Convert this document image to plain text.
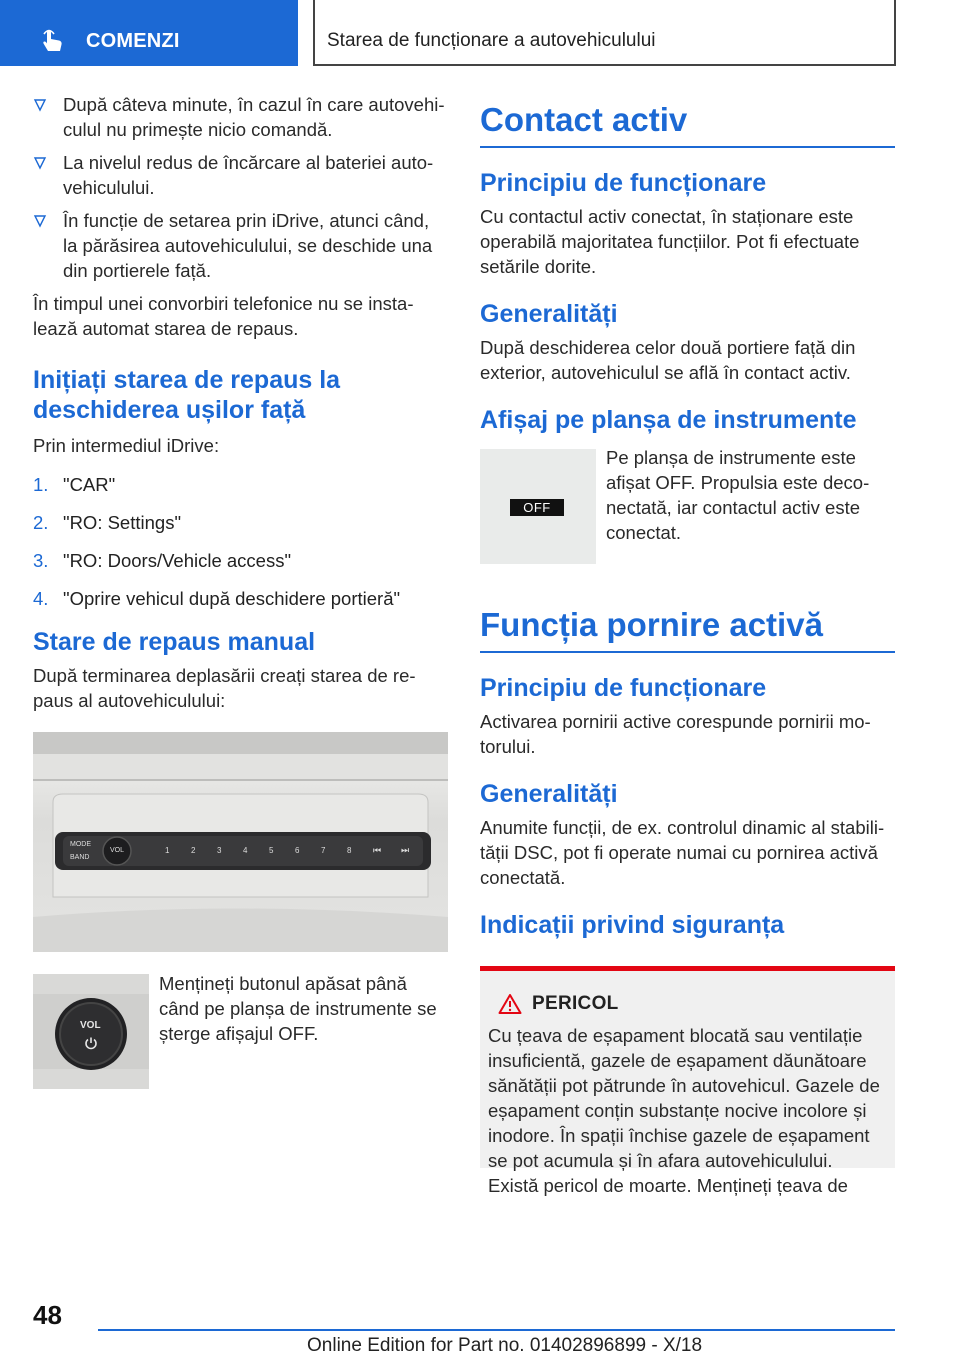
COMENZI	Starea de funcționare a autovehiculului
După câteva minute, în cazul în care autovehi-culul nu primește nicio comandă.
La nivelul redus de încărcare al bateriei auto-vehiculului.
În funcție de setarea prin iDrive, atunci când, la părăsirea autovehiculului, se deschide una din portierele față.

În timpul unei convorbiri telefonice nu se insta-lează automat starea de repaus.

Inițiați starea de repaus la deschiderea ușilor față

Prin intermediul iDrive:

1. "CAR"
2. "RO: Settings"
3. "RO: Doors/Vehicle access"
4. "Oprire vehicul după deschidere portieră"
Stare de repaus manual

După terminarea deplasării creați starea de re-paus al autovehiculului:

MODE
BAND
VOL	1	2	3	4	5	6	7	8 ⏮ ⏭
VOL

Mențineți butonul apăsat până când pe planșa de instrumente se șterge afișajul OFF.

Contact activ
Principiu de funcționare

Cu contactul activ conectat, în staționare este operabilă majoritatea funcțiilor. Pot fi efectuate setările dorite.

Generalități

După deschiderea celor două portiere față din exterior, autovehiculul se află în contact activ.

Afișaj pe planșa de instrumente
OFF

Pe planșa de instrumente este afișat OFF. Propulsia este deco-nectată, iar contactul activ este conectat.

Funcția pornire activă
Principiu de funcționare

Activarea pornirii active corespunde pornirii mo-torului.

Generalități

Anumite funcții, de ex. controlul dinamic al stabili-tății DSC, pot fi operate numai cu pornirea activă conectată.

Indicații privind siguranța
PERICOL

Cu țeava de eșapament blocată sau ventilație insuficientă, gazele de eșapament dăunătoare sănătății pot pătrunde în autovehicul. Gazele de eșapament conțin substanțe nocive incolore și inodore. În spații închise gazele de eșapament se pot acumula și în afara autovehiculului. Există pericol de moarte. Mențineți țeava de

48
Online Edition for Part no. 01402896899 - X/18
